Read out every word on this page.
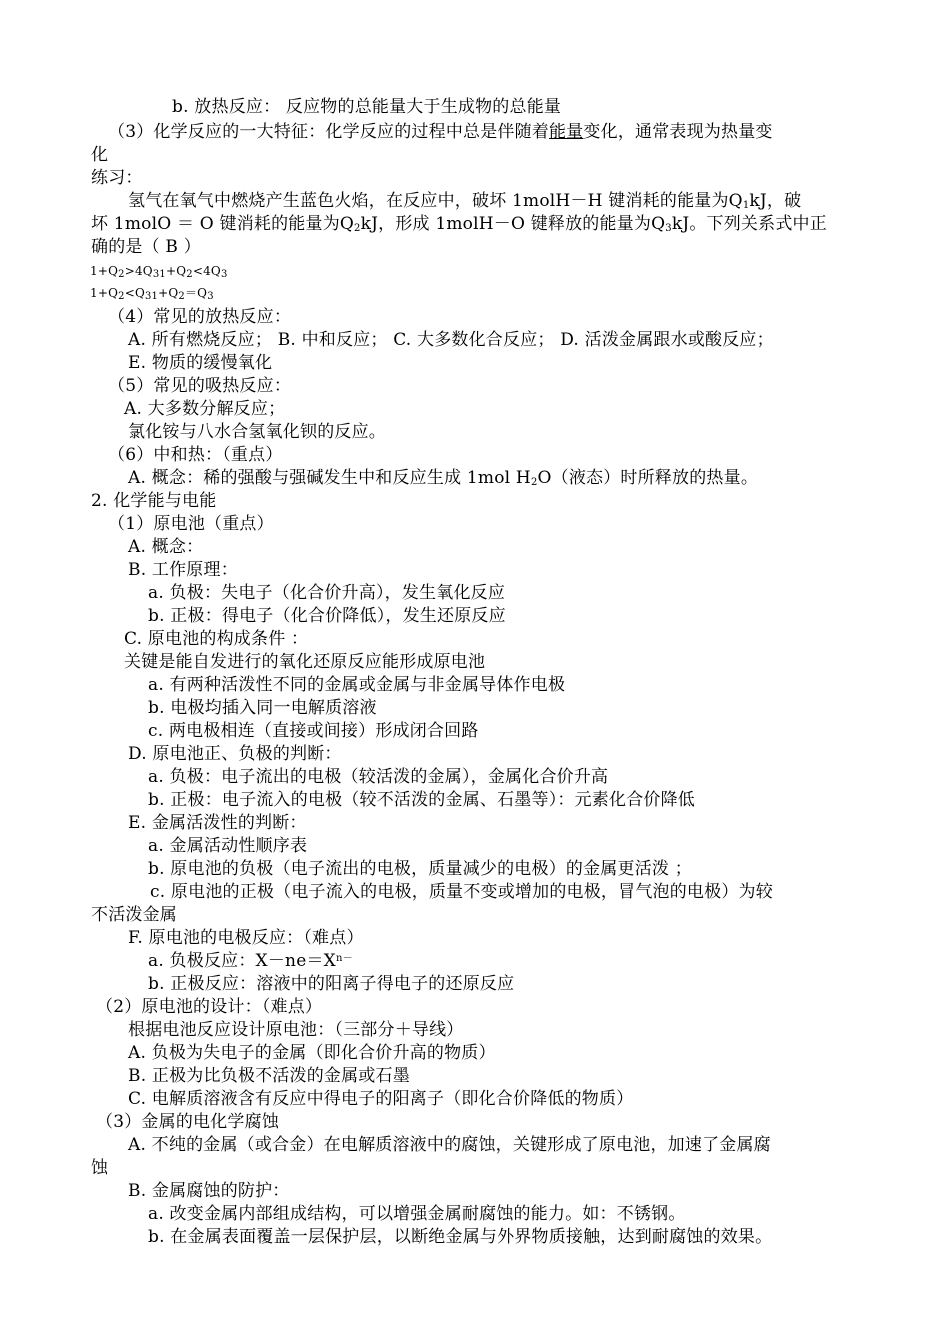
b. 放热反应： 反应物的总能量大于生成物的总能量
（3）化学反应的一大特征：化学反应的过程中总是伴随着能量变化，通常表现为热量变
化
练习：
氢气在氧气中燃烧产生蓝色火焰，在反应中，破坏 1molH－H 键消耗的能量为$Q_1kJ$，破
坏 1molO ＝ O 键消耗的能量为$Q_2kJ$，形成 1molH－O 键释放的能量为$Q_3kJ$。下列关系式中正
确的是（ B ）
$1+Q_2>4Q_{31}+Q_2<4Q_3$
$1+Q_2<Q_{31}+Q_2=Q_3$
（4）常见的放热反应：
A. 所有燃烧反应； B. 中和反应； C. 大多数化合反应； D. 活泼金属跟水或酸反应；
E. 物质的缓慢氧化
（5）常见的吸热反应：
A. 大多数分解反应；
氯化铵与八水合氢氧化钡的反应。
（6）中和热：（重点）
A. 概念：稀的强酸与强碱发生中和反应生成 1mol $H_2O$（液态）时所释放的热量。
2. 化学能与电能
（1）原电池（重点）
A. 概念：
B. 工作原理：
a. 负极：失电子（化合价升高），发生氧化反应
b. 正极：得电子（化合价降低），发生还原反应
C. 原电池的构成条件 ：
关键是能自发进行的氧化还原反应能形成原电池
a. 有两种活泼性不同的金属或金属与非金属导体作电极
b. 电极均插入同一电解质溶液
c. 两电极相连（直接或间接）形成闭合回路
D. 原电池正、负极的判断：
a. 负极：电子流出的电极（较活泼的金属），金属化合价升高
b. 正极：电子流入的电极（较不活泼的金属、石墨等）：元素化合价降低
E. 金属活泼性的判断：
a. 金属活动性顺序表
b. 原电池的负极（电子流出的电极，质量减少的电极）的金属更活泼 ；
c. 原电池的正极（电子流入的电极，质量不变或增加的电极，冒气泡的电极）为较
不活泼金属
F. 原电池的电极反应：（难点）
a. 负极反应：$X-ne=X^{n-}$
b. 正极反应：溶液中的阳离子得电子的还原反应
（2）原电池的设计：（难点）
根据电池反应设计原电池：（三部分＋导线）
A. 负极为失电子的金属（即化合价升高的物质）
B. 正极为比负极不活泼的金属或石墨
C. 电解质溶液含有反应中得电子的阳离子（即化合价降低的物质）
（3）金属的电化学腐蚀
A. 不纯的金属（或合金）在电解质溶液中的腐蚀，关键形成了原电池，加速了金属腐
蚀
B. 金属腐蚀的防护：
a. 改变金属内部组成结构，可以增强金属耐腐蚀的能力。如：不锈钢。
b. 在金属表面覆盖一层保护层，以断绝金属与外界物质接触，达到耐腐蚀的效果。
